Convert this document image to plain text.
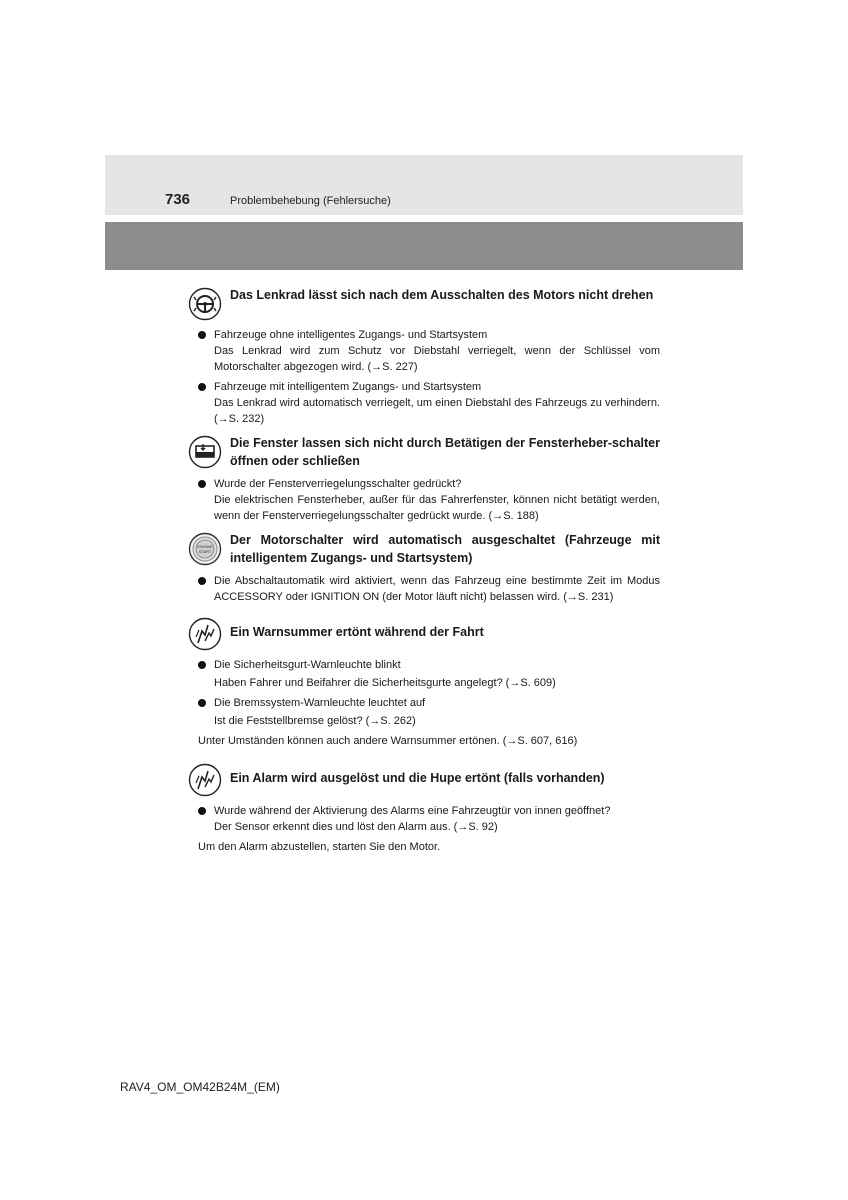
736	Problembehebung (Fehlersuche)
Das Lenkrad lässt sich nach dem Ausschalten des Motors nicht drehen

Fahrzeuge ohne intelligentes Zugangs- und Startsystem

Das Lenkrad wird zum Schutz vor Diebstahl verriegelt, wenn der Schlüssel vom Motorschalter abgezogen wird. (→S. 227)

Fahrzeuge mit intelligentem Zugangs- und Startsystem

Das Lenkrad wird automatisch verriegelt, um einen Diebstahl des Fahrzeugs zu verhindern. (→S. 232)

Die Fenster lassen sich nicht durch Betätigen der Fensterheber-schalter öffnen oder schließen

Wurde der Fensterverriegelungsschalter gedrückt?

Die elektrischen Fensterheber, außer für das Fahrerfenster, können nicht betätigt werden, wenn der Fensterverriegelungsschalter gedrückt wurde. (→S. 188)

ENGINE
START
Der Motorschalter wird automatisch ausgeschaltet (Fahrzeuge mit intelligentem Zugangs- und Startsystem)

Die Abschaltautomatik wird aktiviert, wenn das Fahrzeug eine bestimmte Zeit im Modus ACCESSORY oder IGNITION ON (der Motor läuft nicht) belassen wird. (→S. 231)

Ein Warnsummer ertönt während der Fahrt

Die Sicherheitsgurt-Warnleuchte blinkt

Haben Fahrer und Beifahrer die Sicherheitsgurte angelegt? (→S. 609)

Die Bremssystem-Warnleuchte leuchtet auf

Ist die Feststellbremse gelöst? (→S. 262)

Unter Umständen können auch andere Warnsummer ertönen. (→S. 607, 616)
Ein Alarm wird ausgelöst und die Hupe ertönt (falls vorhanden)

Wurde während der Aktivierung des Alarms eine Fahrzeugtür von innen geöffnet?

Der Sensor erkennt dies und löst den Alarm aus. (→S. 92)

Um den Alarm abzustellen, starten Sie den Motor.
RAV4_OM_OM42B24M_(EM)
